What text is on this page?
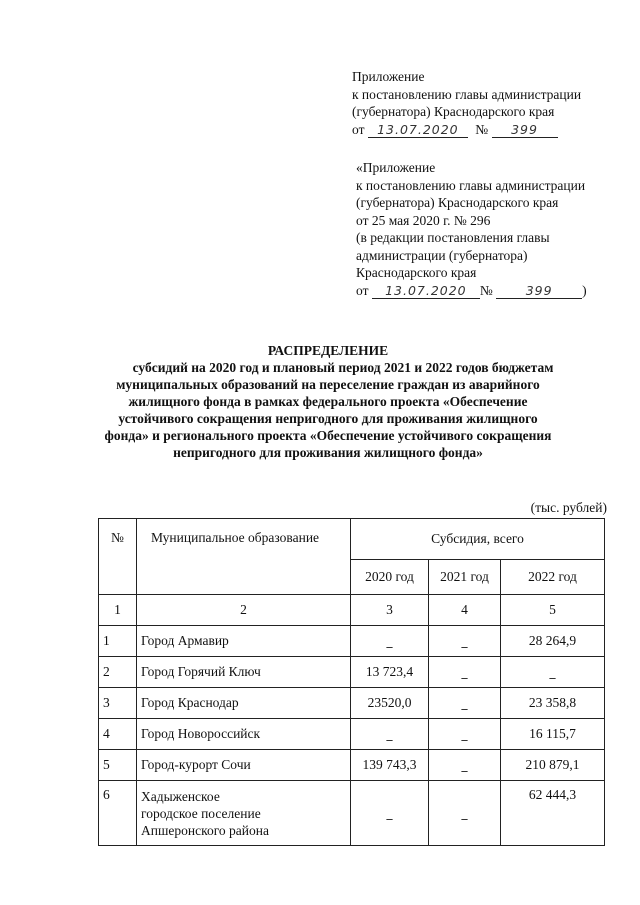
Приложение
к постановлению главы администрации
(губернатора) Краснодарского края
от 13.07.2020 № 399
«Приложение
к постановлению главы администрации
(губернатора) Краснодарского края
от 25 мая 2020 г. № 296
(в редакции постановления главы
администрации (губернатора)
Краснодарского края
от 13.07.2020 №	399 )
РАСПРЕДЕЛЕНИЕ
субсидий на 2020 год и плановый период 2021 и 2022 годов бюджетам
муниципальных образований на переселение граждан из аварийного
жилищного фонда в рамках федерального проекта «Обеспечение
устойчивого сокращения непригодного для проживания жилищного
фонда» и регионального проекта «Обеспечение устойчивого сокращения
непригодного для проживания жилищного фонда»
(тыс. рублей)
№	Муниципальное образование	Субсидия, всего		
		2020 год	2021 год	2022 год
1	2	3	4	5
1	Город Армавир	_	_	28 264,9
2	Город Горячий Ключ	13 723,4	_	_
3	Город Краснодар	23520,0	_	23 358,8
4	Город Новороссийск	_	_	16 115,7
5	Город-курорт Сочи	139 743,3	_	210 879,1
6	Хадыженское
городское поселение
Апшеронского района	_	_	62 444,3
